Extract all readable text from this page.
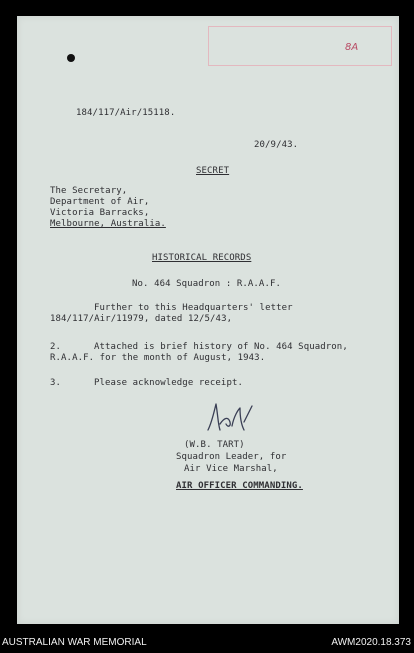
8A
184/117/Air/15118.
20/9/43.
SECRET
The Secretary,
Department of Air,
Victoria Barracks,
Melbourne, Australia.
HISTORICAL RECORDS
No. 464 Squadron : R.A.A.F.
Further to this Headquarters' letter
184/117/Air/11979, dated 12/5/43,
2.	Attached is brief history of No. 464 Squadron,
R.A.A.F. for the month of August, 1943.
3.	Please acknowledge receipt.
(W.B. TART)
Squadron Leader, for
Air Vice Marshal,
AIR OFFICER COMMANDING.
AUSTRALIAN WAR MEMORIAL	AWM2020.18.373
